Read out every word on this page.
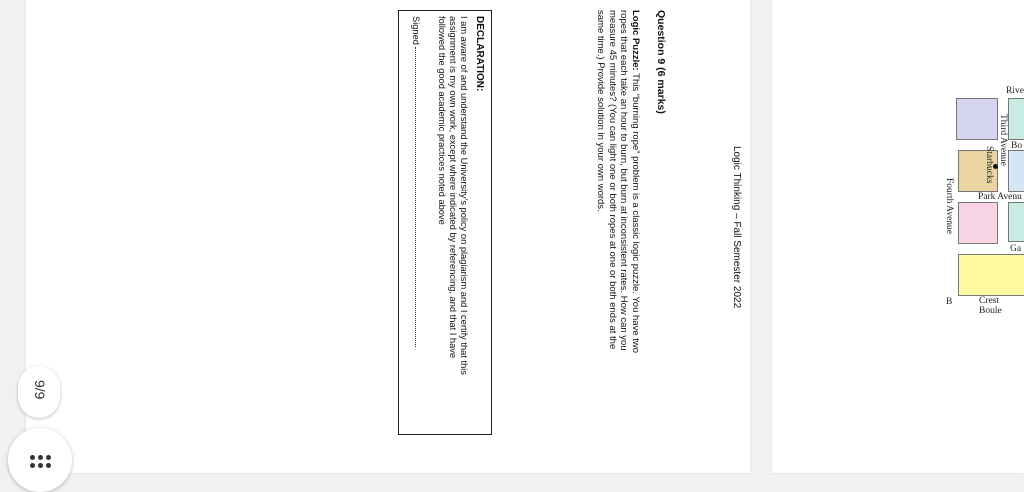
Logic Thinking – Fall Semester 2022
Question 9 (6 marks)
Logic Puzzle: This “burning rope” problem is a classic logic puzzle. You have two ropes that each take an hour to burn, but burn at inconsistent rates. How can you measure 45 minutes? (You can light one or both ropes at one or both ends at the same time.) Provide solution in your own words.
DECLARATION:
I am aware of and understand the University’s policy on plagiarism and I certify that this assignment is my own work, except where indicated by referencing, and that I have followed the good academic practices noted above
Signed
Rive
Bo
Park Avenu
Ga
Crest Boule
B
Third Avenue
Starbucks
Fourth Avenue
9/9
